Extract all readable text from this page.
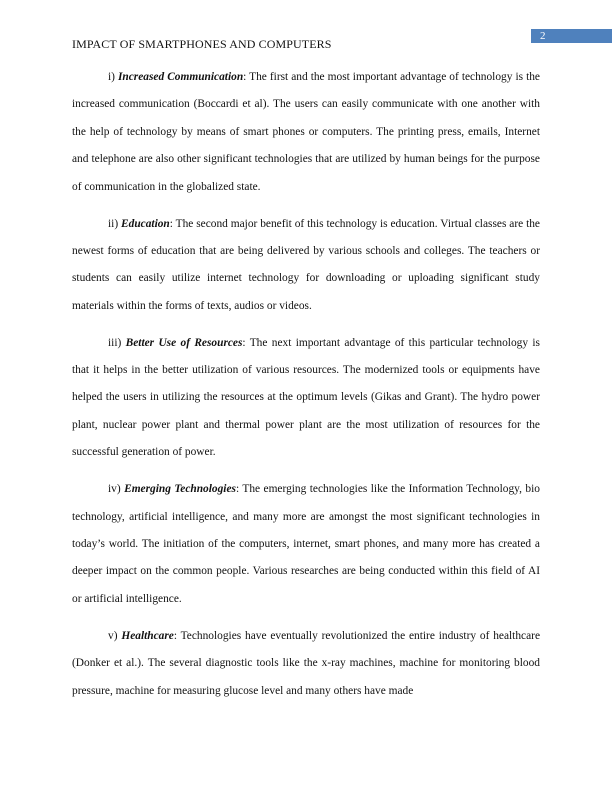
IMPACT OF SMARTPHONES AND COMPUTERS
2

i) Increased Communication: The first and the most important advantage of technology is the increased communication (Boccardi et al). The users can easily communicate with one another with the help of technology by means of smart phones or computers. The printing press, emails, Internet and telephone are also other significant technologies that are utilized by human beings for the purpose of communication in the globalized state.

ii) Education: The second major benefit of this technology is education. Virtual classes are the newest forms of education that are being delivered by various schools and colleges. The teachers or students can easily utilize internet technology for downloading or uploading significant study materials within the forms of texts, audios or videos.

iii) Better Use of Resources: The next important advantage of this particular technology is that it helps in the better utilization of various resources. The modernized tools or equipments have helped the users in utilizing the resources at the optimum levels (Gikas and Grant). The hydro power plant, nuclear power plant and thermal power plant are the most utilization of resources for the successful generation of power.

iv) Emerging Technologies: The emerging technologies like the Information Technology, bio technology, artificial intelligence, and many more are amongst the most significant technologies in today’s world. The initiation of the computers, internet, smart phones, and many more has created a deeper impact on the common people. Various researches are being conducted within this field of AI or artificial intelligence.

v) Healthcare: Technologies have eventually revolutionized the entire industry of healthcare (Donker et al.). The several diagnostic tools like the x-ray machines, machine for monitoring blood pressure, machine for measuring glucose level and many others have made
